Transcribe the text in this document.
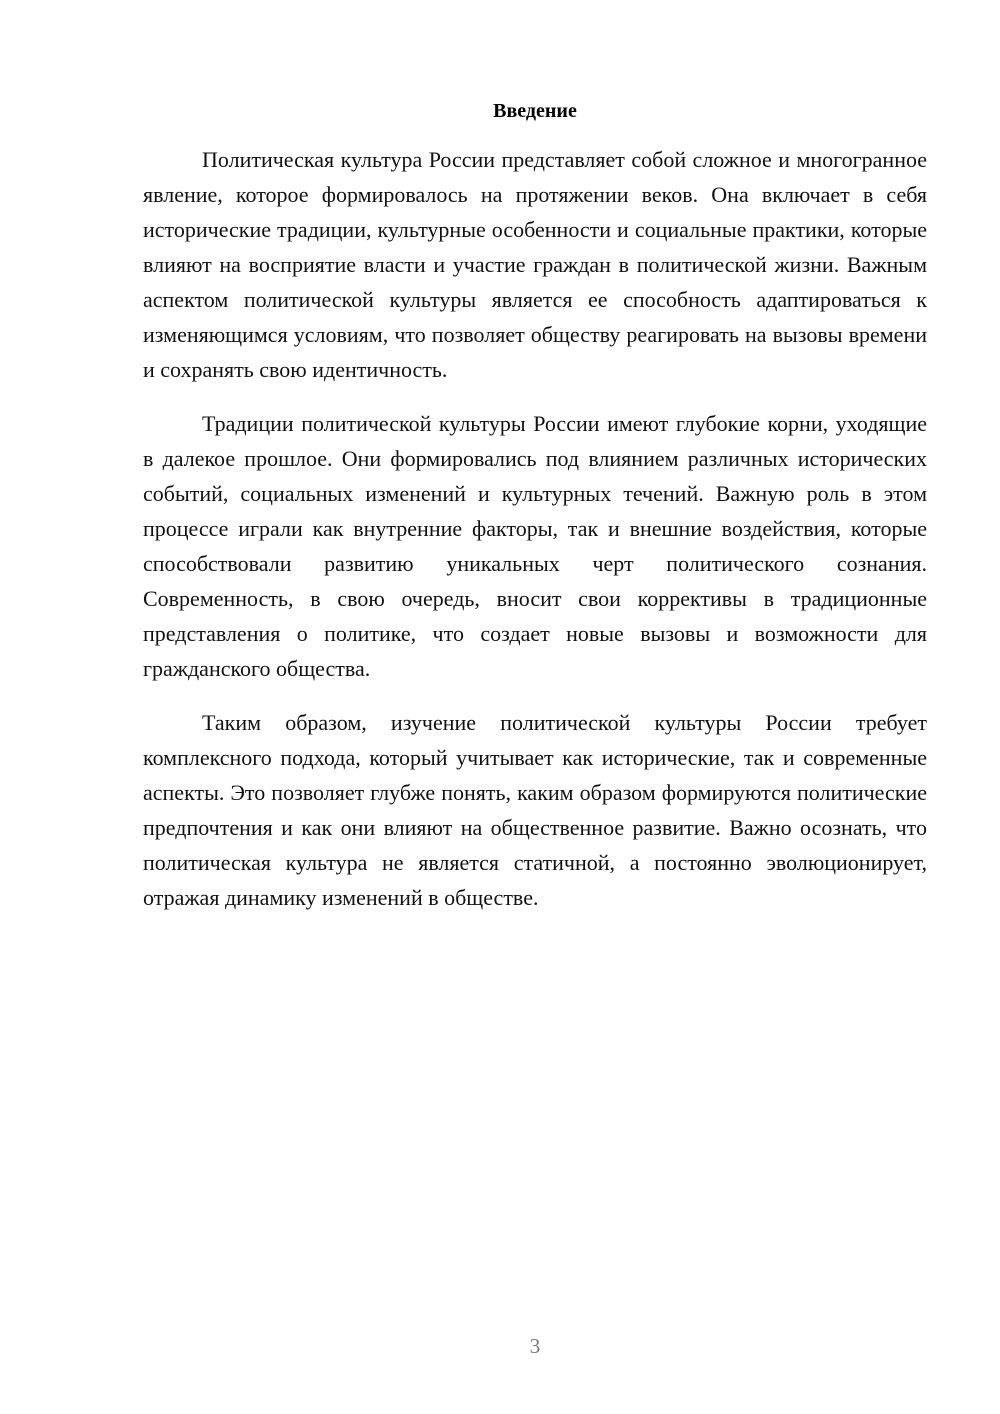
Введение

Политическая культура России представляет собой сложное и многогранное явление, которое формировалось на протяжении веков. Она включает в себя исторические традиции, культурные особенности и социальные практики, которые влияют на восприятие власти и участие граждан в политической жизни. Важным аспектом политической культуры является ее способность адаптироваться к изменяющимся условиям, что позволяет обществу реагировать на вызовы времени и сохранять свою идентичность.

Традиции политической культуры России имеют глубокие корни, уходящие в далекое прошлое. Они формировались под влиянием различных исторических событий, социальных изменений и культурных течений. Важную роль в этом процессе играли как внутренние факторы, так и внешние воздействия, которые способствовали развитию уникальных черт политического сознания. Современность, в свою очередь, вносит свои коррективы в традиционные представления о политике, что создает новые вызовы и возможности для гражданского общества.

Таким образом, изучение политической культуры России требует комплексного подхода, который учитывает как исторические, так и современные аспекты. Это позволяет глубже понять, каким образом формируются политические предпочтения и как они влияют на общественное развитие. Важно осознать, что политическая культура не является статичной, а постоянно эволюционирует, отражая динамику изменений в обществе.

3
